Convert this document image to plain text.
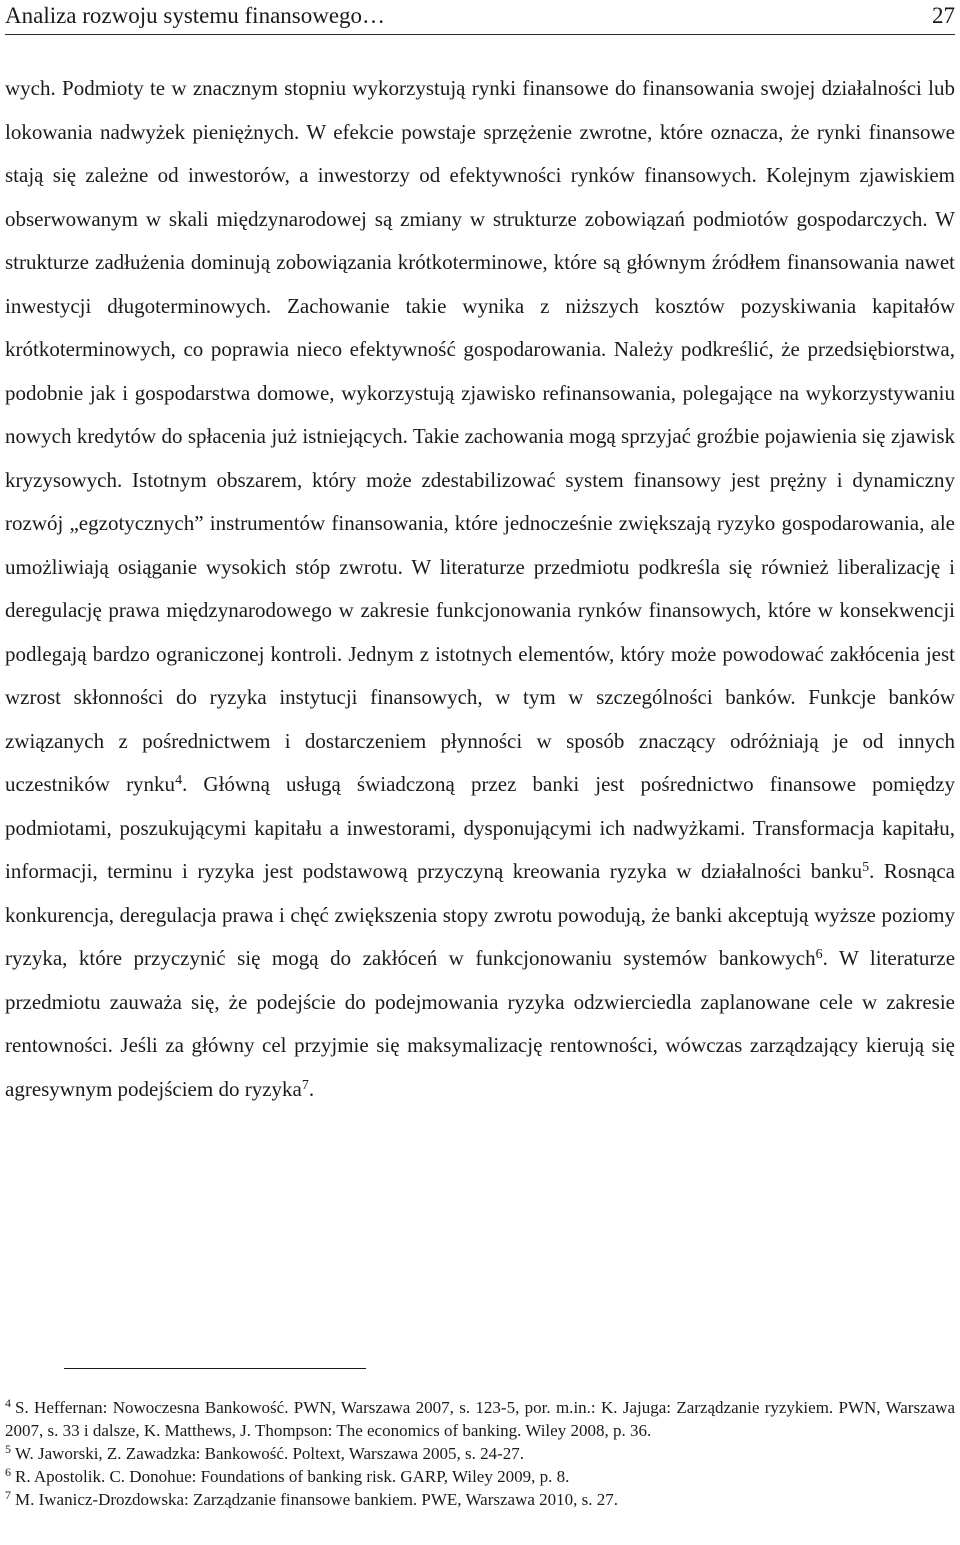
Analiza rozwoju systemu finansowego…	27

wych. Podmioty te w znacznym stopniu wykorzystują rynki finansowe do finansowania swojej działalności lub lokowania nadwyżek pieniężnych. W efekcie powstaje sprzężenie zwrotne, które oznacza, że rynki finansowe stają się zależne od inwestorów, a inwestorzy od efektywności rynków finansowych. Kolejnym zjawiskiem obserwowanym w skali międzynarodowej są zmiany w strukturze zobowiązań podmiotów gospodarczych. W strukturze zadłużenia dominują zobowiązania krótkoterminowe, które są głównym źródłem finansowania nawet inwestycji długoterminowych. Zachowanie takie wynika z niższych kosztów pozyskiwania kapitałów krótkoterminowych, co poprawia nieco efektywność gospodarowania. Należy podkreślić, że przedsiębiorstwa, podobnie jak i gospodarstwa domowe, wykorzystują zjawisko refinansowania, polegające na wykorzystywaniu nowych kredytów do spłacenia już istniejących. Takie zachowania mogą sprzyjać groźbie pojawienia się zjawisk kryzysowych. Istotnym obszarem, który może zdestabilizować system finansowy jest prężny i dynamiczny rozwój „egzotycznych” instrumentów finansowania, które jednocześnie zwiększają ryzyko gospodarowania, ale umożliwiają osiąganie wysokich stóp zwrotu. W literaturze przedmiotu podkreśla się również liberalizację i deregulację prawa międzynarodowego w zakresie funkcjonowania rynków finansowych, które w konsekwencji podlegają bardzo ograniczonej kontroli. Jednym z istotnych elementów, który może powodować zakłócenia jest wzrost skłonności do ryzyka instytucji finansowych, w tym w szczególności banków. Funkcje banków związanych z pośrednictwem i dostarczeniem płynności w sposób znaczący odróżniają je od innych uczestników rynku$^4$. Główną usługą świadczoną przez banki jest pośrednictwo finansowe pomiędzy podmiotami, poszukującymi kapitału a inwestorami, dysponującymi ich nadwyżkami. Transformacja kapitału, informacji, terminu i ryzyka jest podstawową przyczyną kreowania ryzyka w działalności banku$^5$. Rosnąca konkurencja, deregulacja prawa i chęć zwiększenia stopy zwrotu powodują, że banki akceptują wyższe poziomy ryzyka, które przyczynić się mogą do zakłóceń w funkcjonowaniu systemów bankowych$^6$. W literaturze przedmiotu zauważa się, że podejście do podejmowania ryzyka odzwierciedla zaplanowane cele w zakresie rentowności. Jeśli za główny cel przyjmie się maksymalizację rentowności, wówczas zarządzający kierują się agresywnym podejściem do ryzyka$^7$.

$^4$ S. Heffernan: Nowoczesna Bankowość. PWN, Warszawa 2007, s. 123-5, por. m.in.: K. Jajuga: Zarządzanie ryzykiem. PWN, Warszawa 2007, s. 33 i dalsze, K. Matthews, J. Thompson: The economics of banking. Wiley 2008, p. 36.

$^5$ W. Jaworski, Z. Zawadzka: Bankowość. Poltext, Warszawa 2005, s. 24-27.

$^6$ R. Apostolik. C. Donohue: Foundations of banking risk. GARP, Wiley 2009, p. 8.

$^7$ M. Iwanicz-Drozdowska: Zarządzanie finansowe bankiem. PWE, Warszawa 2010, s. 27.
